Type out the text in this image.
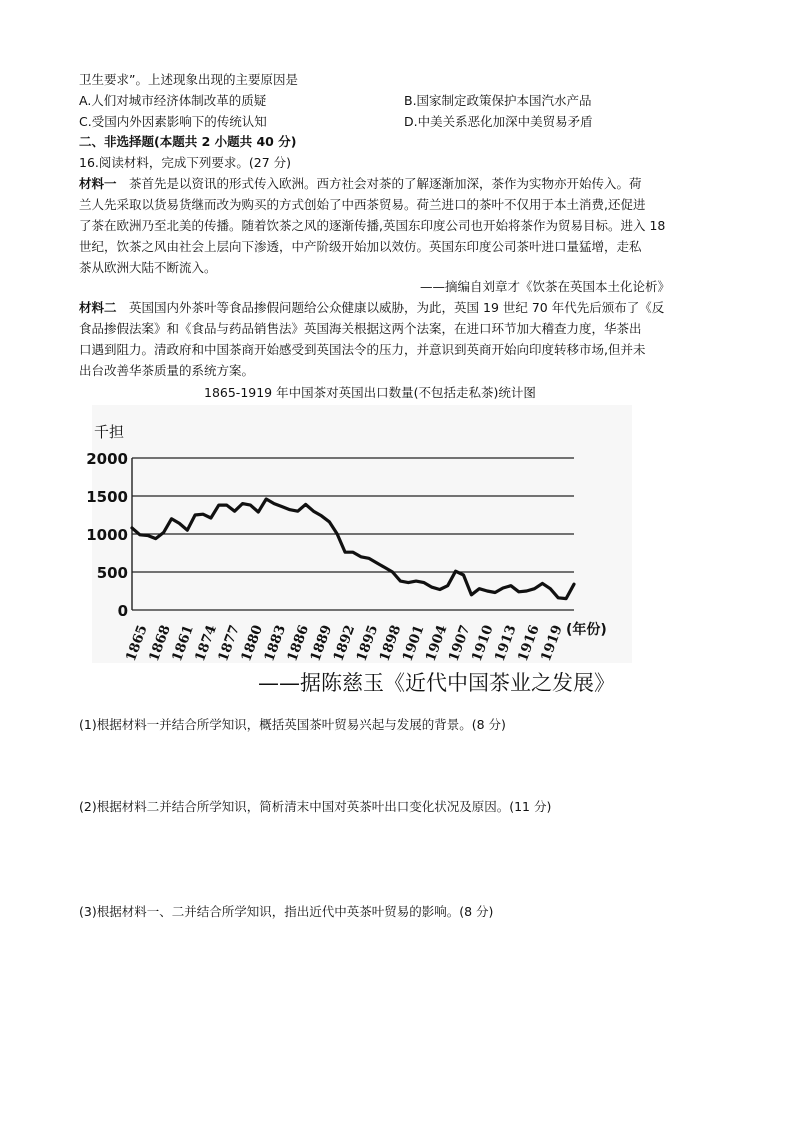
卫生要求”。上述现象出现的主要原因是
A.人们对城市经济体制改革的质疑	B.国家制定政策保护本国汽水产品
C.受国内外因素影响下的传统认知	D.中美关系恶化加深中美贸易矛盾
二、非选择题(本题共 2 小题共 40 分)
16.阅读材料，完成下列要求。(27 分)
材料一　茶首先是以资讯的形式传入欧洲。西方社会对茶的了解逐渐加深，茶作为实物亦开始传入。荷
兰人先采取以货易货继而改为购买的方式创始了中西茶贸易。荷兰进口的茶叶不仅用于本土消费,还促进
了茶在欧洲乃至北美的传播。随着饮茶之风的逐渐传播,英国东印度公司也开始将茶作为贸易目标。进入 18
世纪，饮茶之风由社会上层向下渗透，中产阶级开始加以效仿。英国东印度公司茶叶进口量猛增，走私
茶从欧洲大陆不断流入。
——摘编自刘章才《饮茶在英国本土化论析》
材料二　英国国内外茶叶等食品掺假问题给公众健康以威胁，为此，英国 19 世纪 70 年代先后颁布了《反
食品掺假法案》和《食品与药品销售法》英国海关根据这两个法案，在进口环节加大稽查力度，华茶出
口遇到阻力。清政府和中国茶商开始感受到英国法令的压力，并意识到英商开始向印度转移市场,但并未
出台改善华茶质量的系统方案。
1865-1919 年中国茶对英国出口数量(不包括走私茶)统计图
千担
2000
1500
1000
500
0
1865
1868
1861
1874
1877
1880
1883
1886
1889
1892
1895
1898
1901
1904
1907
1910
1913
1916
1919 (年份)
——据陈慈玉《近代中国茶业之发展》
(1)根据材料一并结合所学知识，概括英国茶叶贸易兴起与发展的背景。(8 分)
(2)根据材料二并结合所学知识，简析清末中国对英茶叶出口变化状况及原因。(11 分)
(3)根据材料一、二并结合所学知识，指出近代中英茶叶贸易的影响。(8 分)
